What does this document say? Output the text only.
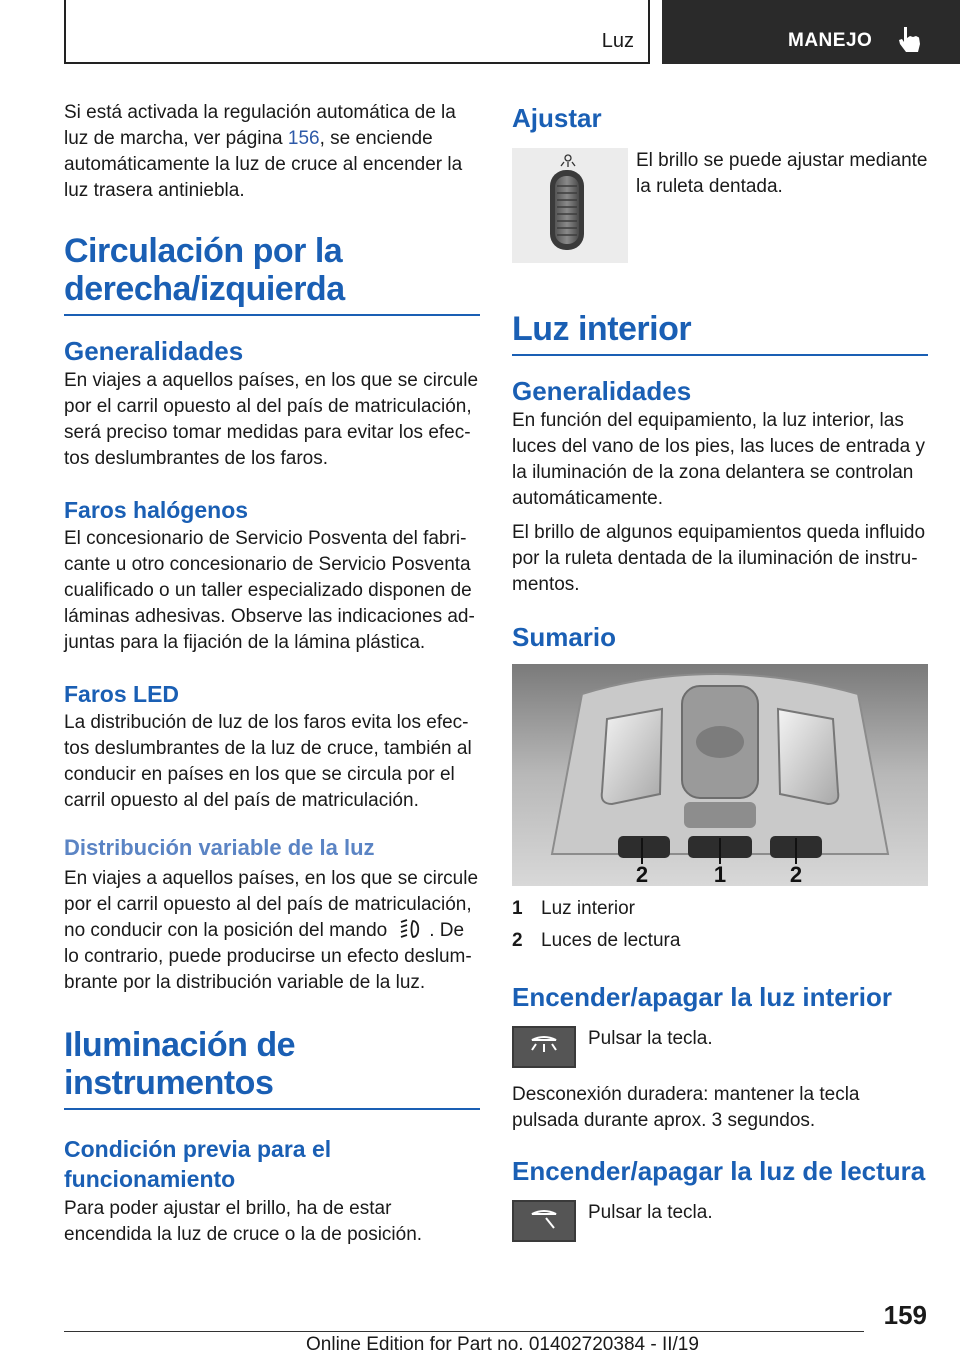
Luz	MANEJO

Si está activada la regulación automática de la luz de marcha, ver página 156, se enciende automáticamente la luz de cruce al encender la luz trasera antiniebla.

Circulación por la derecha/izquierda
Generalidades

En viajes a aquellos países, en los que se circule por el carril opuesto al del país de matriculación, será preciso tomar medidas para evitar los efectos deslumbrantes de los faros.

Faros halógenos

El concesionario de Servicio Posventa del fabricante u otro concesionario de Servicio Posventa cualificado o un taller especializado disponen de láminas adhesivas. Observe las indicaciones adjuntas para la fijación de la lámina plástica.

Faros LED

La distribución de luz de los faros evita los efectos deslumbrantes de la luz de cruce, también al conducir en países en los que se circula por el carril opuesto al del país de matriculación.

Distribución variable de la luz

En viajes a aquellos países, en los que se circule por el carril opuesto al del país de matriculación, no conducir con la posición del mando . De lo contrario, puede producirse un efecto deslumbrante por la distribución variable de la luz.

Iluminación de instrumentos
Condición previa para el funcionamiento

Para poder ajustar el brillo, ha de estar encendida la luz de cruce o la de posición.

Ajustar

El brillo se puede ajustar mediante la ruleta dentada.

Luz interior
Generalidades

En función del equipamiento, la luz interior, las luces del vano de los pies, las luces de entrada y la iluminación de la zona delantera se controlan automáticamente.

El brillo de algunos equipamientos queda influido por la ruleta dentada de la iluminación de instrumentos.

Sumario
2	1	2
1 Luz interior
2 Luces de lectura
Encender/apagar la luz interior

Pulsar la tecla.

Desconexión duradera: mantener la tecla pulsada durante aprox. 3 segundos.

Encender/apagar la luz de lectura

Pulsar la tecla.

159
Online Edition for Part no. 01402720384 - II/19
